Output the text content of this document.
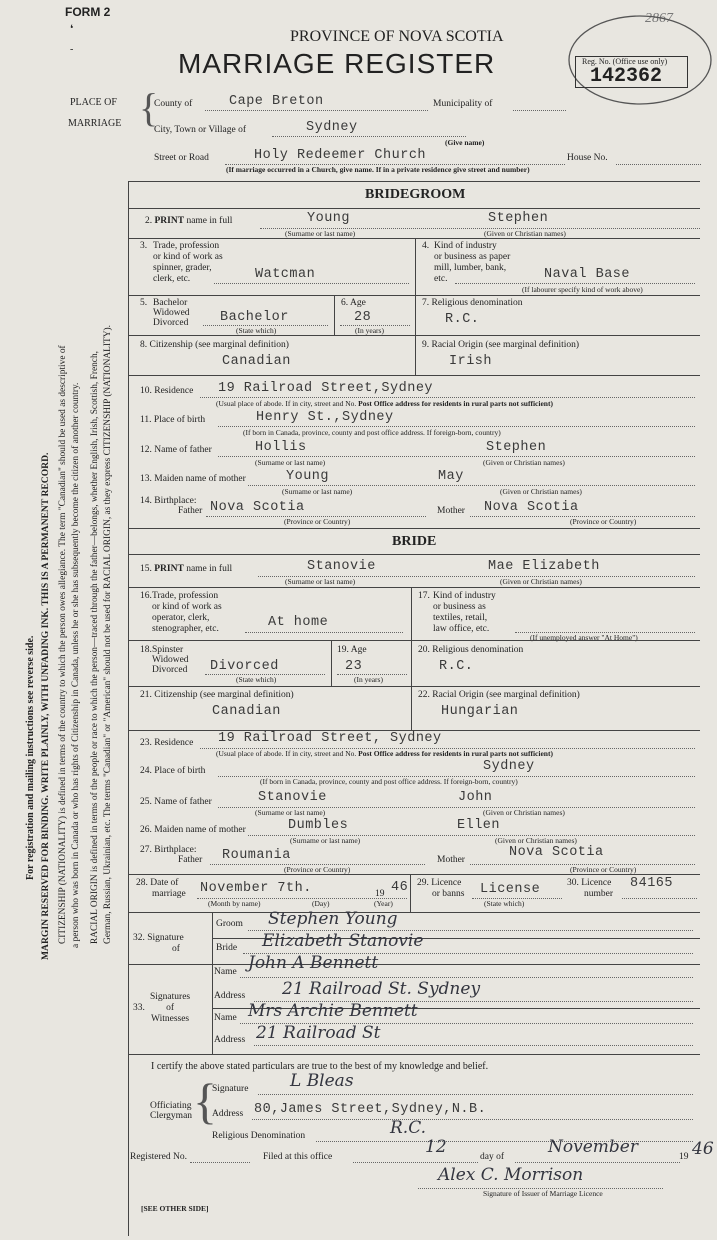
FORM 2
❛
-
PROVINCE OF NOVA SCOTIA
MARRIAGE REGISTER
2867
Reg. No. (Office use only)
142362
PLACE OF
MARRIAGE {
County of	Cape Breton	Municipality of
City, Town or Village of	Sydney
(Give name)
Street or Road	Holy Redeemer Church	House No.
(If marriage occurred in a Church, give name. If in a private residence give street and number)
For registration and mailing instructions see reverse side. MARGIN RESERVED FOR BINDING. WRITE PLAINLY, WITH UNFADING INK. THIS IS A PERMANENT RECORD. CITIZENSHIP (NATIONALITY) is defined in terms of the country to which the person owes allegiance. The term "Canadian" should be used as descriptive of a person who was born in Canada or who has rights of Citizenship in Canada, unless he or she has subsequently become the citizen of another country. RACIAL ORIGIN is defined in terms of the people or race to which the person—traced through the father—belongs, whether English, Irish, Scottish, French, German, Russian, Ukrainian, etc. The terms "Canadian" or "American" should not be used for RACIAL ORIGIN, as they express CITIZENSHIP (NATIONALITY).
BRIDEGROOM
2. PRINT name in full	Young	Stephen
(Surname or last name)	(Given or Christian names)
3. Trade, profession
or kind of work as
spinner, grader,
clerk, etc.	Watcman
4. Kind of industry
or business as paper
mill, lumber, bank,
etc.	Naval Base
(If labourer specify kind of work above)
5. Bachelor
Widowed
Divorced Bachelor
(State which)
6. Age
28
(In years)
7. Religious denomination
R.C.
8. Citizenship (see marginal definition)
Canadian
9. Racial Origin (see marginal definition)
Irish
10. Residence 19 Railroad Street,Sydney
(Usual place of abode. If in city, street and No. Post Office address for residents in rural parts not sufficient)
11. Place of birth	Henry St.,Sydney
(If born in Canada, province, county and post office address. If foreign-born, country)
12. Name of father	Hollis	Stephen
(Surname or last name)	(Given or Christian names)
13. Maiden name of mother	Young	May
(Surname or last name)	(Given or Christian names)
14. Birthplace:
Father Nova Scotia	Mother Nova Scotia
(Province or Country)	(Province or Country)
BRIDE
15. PRINT name in full	Stanovie	Mae Elizabeth
(Surname or last name)	(Given or Christian names)
16. Trade, profession
or kind of work as
operator, clerk,
stenographer, etc.	At home
17. Kind of industry
or business as
textiles, retail,
law office, etc.
(If unemployed answer "At Home")
18. Spinster
Widowed
Divorced Divorced
(State which)
19. Age
23
(In years)
20. Religious denomination
R.C.
21. Citizenship (see marginal definition)
Canadian
22. Racial Origin (see marginal definition)
Hungarian
23. Residence 19 Railroad Street, Sydney
(Usual place of abode. If in city, street and No. Post Office address for residents in rural parts not sufficient)
24. Place of birth	Sydney
(If born in Canada, province, county and post office address. If foreign-born, country)
25. Name of father	Stanovie	John
(Surname or last name)	(Given or Christian names)
26. Maiden name of mother	Dumbles	Ellen
(Surname or last name)	(Given or Christian names)
27. Birthplace:
Father Roumania	Mother	Nova Scotia
(Province or Country)	(Province or Country)
28. Date of
marriage November 7th.	19 46
(Month by name)	(Day)	(Year)
29. Licence
or banns License
(State which)
30. Licence
number
84165
32. Signature
of
Groom Stephen Young
Bride Elizabeth Stanovie
33.
Signatures
of
Witnesses
Name John A Bennett
Address 21 Railroad St. Sydney
Name Mrs Archie Bennett
Address 21 Railroad St
I certify the above stated particulars are true to the best of my knowledge and belief.
Officiating
Clergyman {
Signature L Bleas
Address 80,James Street,Sydney,N.B.
Religious Denomination	R.C.
Registered No.	Filed at this office	12	day of	November	19 46
Alex C. Morrison
Signature of Issuer of Marriage Licence
[SEE OTHER SIDE]
